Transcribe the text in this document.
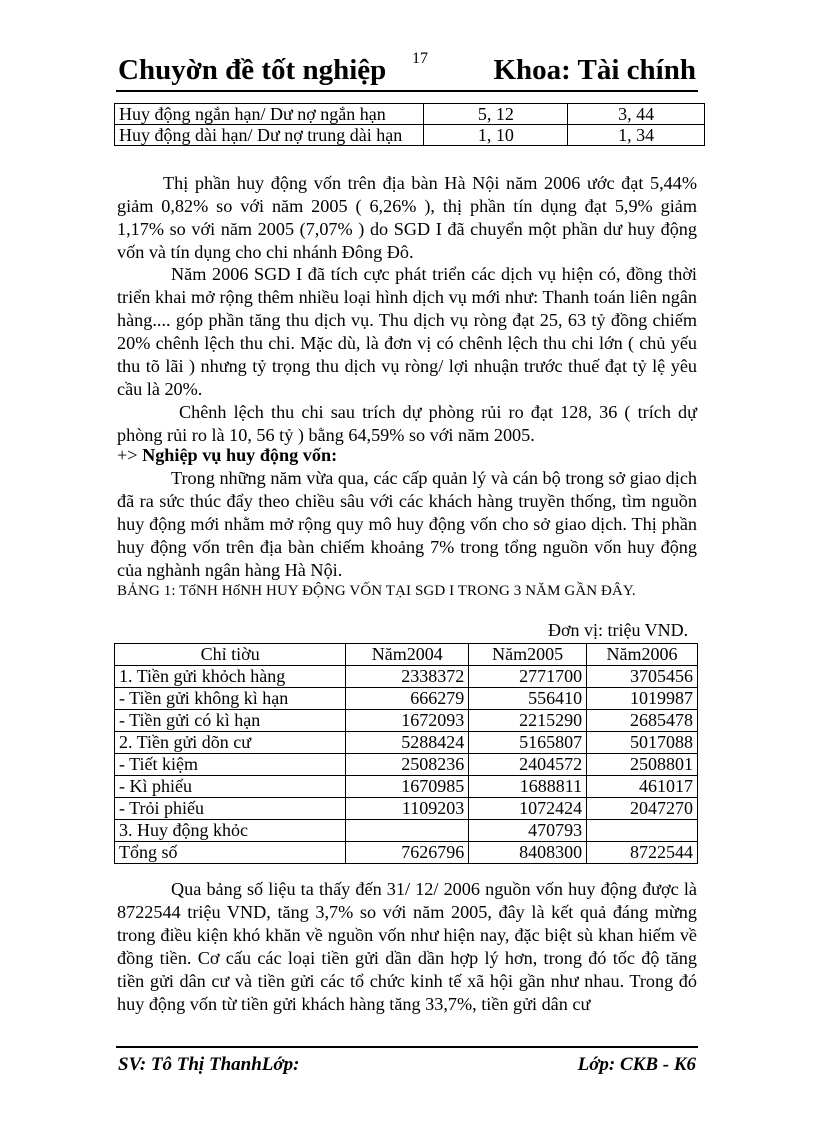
Chuyờn đề tốt nghiệp 17 Khoa: Tài chính
Huy động ngắn hạn/ Dư nợ ngắn hạn	5, 12	3, 44
Huy động dài hạn/ Dư nợ trung dài hạn	1, 10	1, 34

Thị phần huy động vốn trên địa bàn Hà Nội năm 2006 ước đạt 5,44% giảm 0,82% so với năm 2005 ( 6,26% ), thị phần tín dụng đạt 5,9% giảm 1,17% so với năm 2005 (7,07% ) do SGD I đã chuyển một phần dư huy động vốn và tín dụng cho chi nhánh Đông Đô.

Năm 2006 SGD I đã tích cực phát triển các dịch vụ hiện có, đồng thời triển khai mở rộng thêm nhiều loại hình dịch vụ mới như: Thanh toán liên ngân hàng.... góp phần tăng thu dịch vụ. Thu dịch vụ ròng đạt 25, 63 tỷ đồng chiếm 20% chênh lệch thu chi. Mặc dù, là đơn vị có chênh lệch thu chi lớn ( chủ yếu thu tõ lãi ) nhưng tỷ trọng thu dịch vụ ròng/ lợi nhuận trước thuế đạt tỷ lệ yêu cầu là 20%.

Chênh lệch thu chi sau trích dự phòng rủi ro đạt 128, 36 ( trích dự phòng rủi ro là 10, 56 tỷ ) bằng 64,59% so với năm 2005.

+> Nghiệp vụ huy động vốn:

Trong những năm vừa qua, các cấp quản lý và cán bộ trong sở giao dịch đã ra sức thúc đẩy theo chiều sâu với các khách hàng truyền thống, tìm nguồn huy động mới nhằm mở rộng quy mô huy động vốn cho sở giao dịch. Thị phần huy động vốn trên địa bàn chiếm khoảng 7% trong tổng nguồn vốn huy động của nghành ngân hàng Hà Nội.

BẢNG 1: TốNH HốNH HUY ĐỘNG VỐN TẠI SGD I TRONG 3 NĂM GẦN ĐÂY.
Đơn vị: triệu VND.
Chỉ tiờu	Năm2004	Năm2005	Năm2006
1. Tiền gửi khỏch hàng	2338372	2771700	3705456
- Tiền gửi không kì hạn	666279	556410	1019987
- Tiền gửi có kì hạn	1672093	2215290	2685478
2. Tiền gửi dõn cư	5288424	5165807	5017088
- Tiết kiệm	2508236	2404572	2508801
- Kì phiếu	1670985	1688811	461017
- Trỏi phiếu	1109203	1072424	2047270
3. Huy động khỏc		470793	
Tổng số	7626796	8408300	8722544

Qua bảng số liệu ta thấy đến 31/ 12/ 2006 nguồn vốn huy động được là 8722544 triệu VND, tăng 3,7% so với năm 2005, đây là kết quả đáng mừng trong điều kiện khó khăn về nguồn vốn như hiện nay, đặc biệt sù khan hiếm về đồng tiền. Cơ cấu các loại tiền gửi dần dần hợp lý hơn, trong đó tốc độ tăng tiền gửi dân cư và tiền gửi các tổ chức kinh tế xã hội gần như nhau. Trong đó huy động vốn từ tiền gửi khách hàng tăng 33,7%, tiền gửi dân cư

SV: Tô Thị ThanhLớp:	Lớp: CKB - K6
